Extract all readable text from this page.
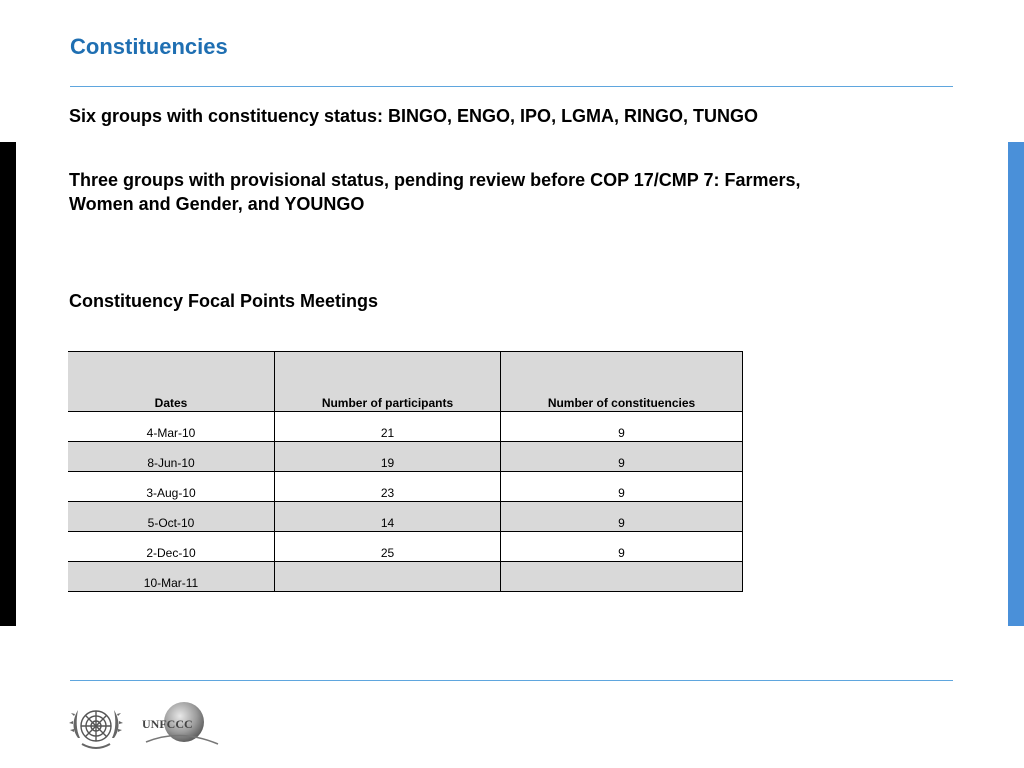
Constituencies

Six groups with constituency status: BINGO, ENGO, IPO, LGMA, RINGO, TUNGO

Three groups with provisional status, pending review before COP 17/CMP 7: Farmers, Women and Gender, and YOUNGO

Constituency Focal Points Meetings

Dates	Number of participants	Number of constituencies
4-Mar-10	21	9
8-Jun-10	19	9
3-Aug-10	23	9
5-Oct-10	14	9
2-Dec-10	25	9
10-Mar-11		
UNFCCC
